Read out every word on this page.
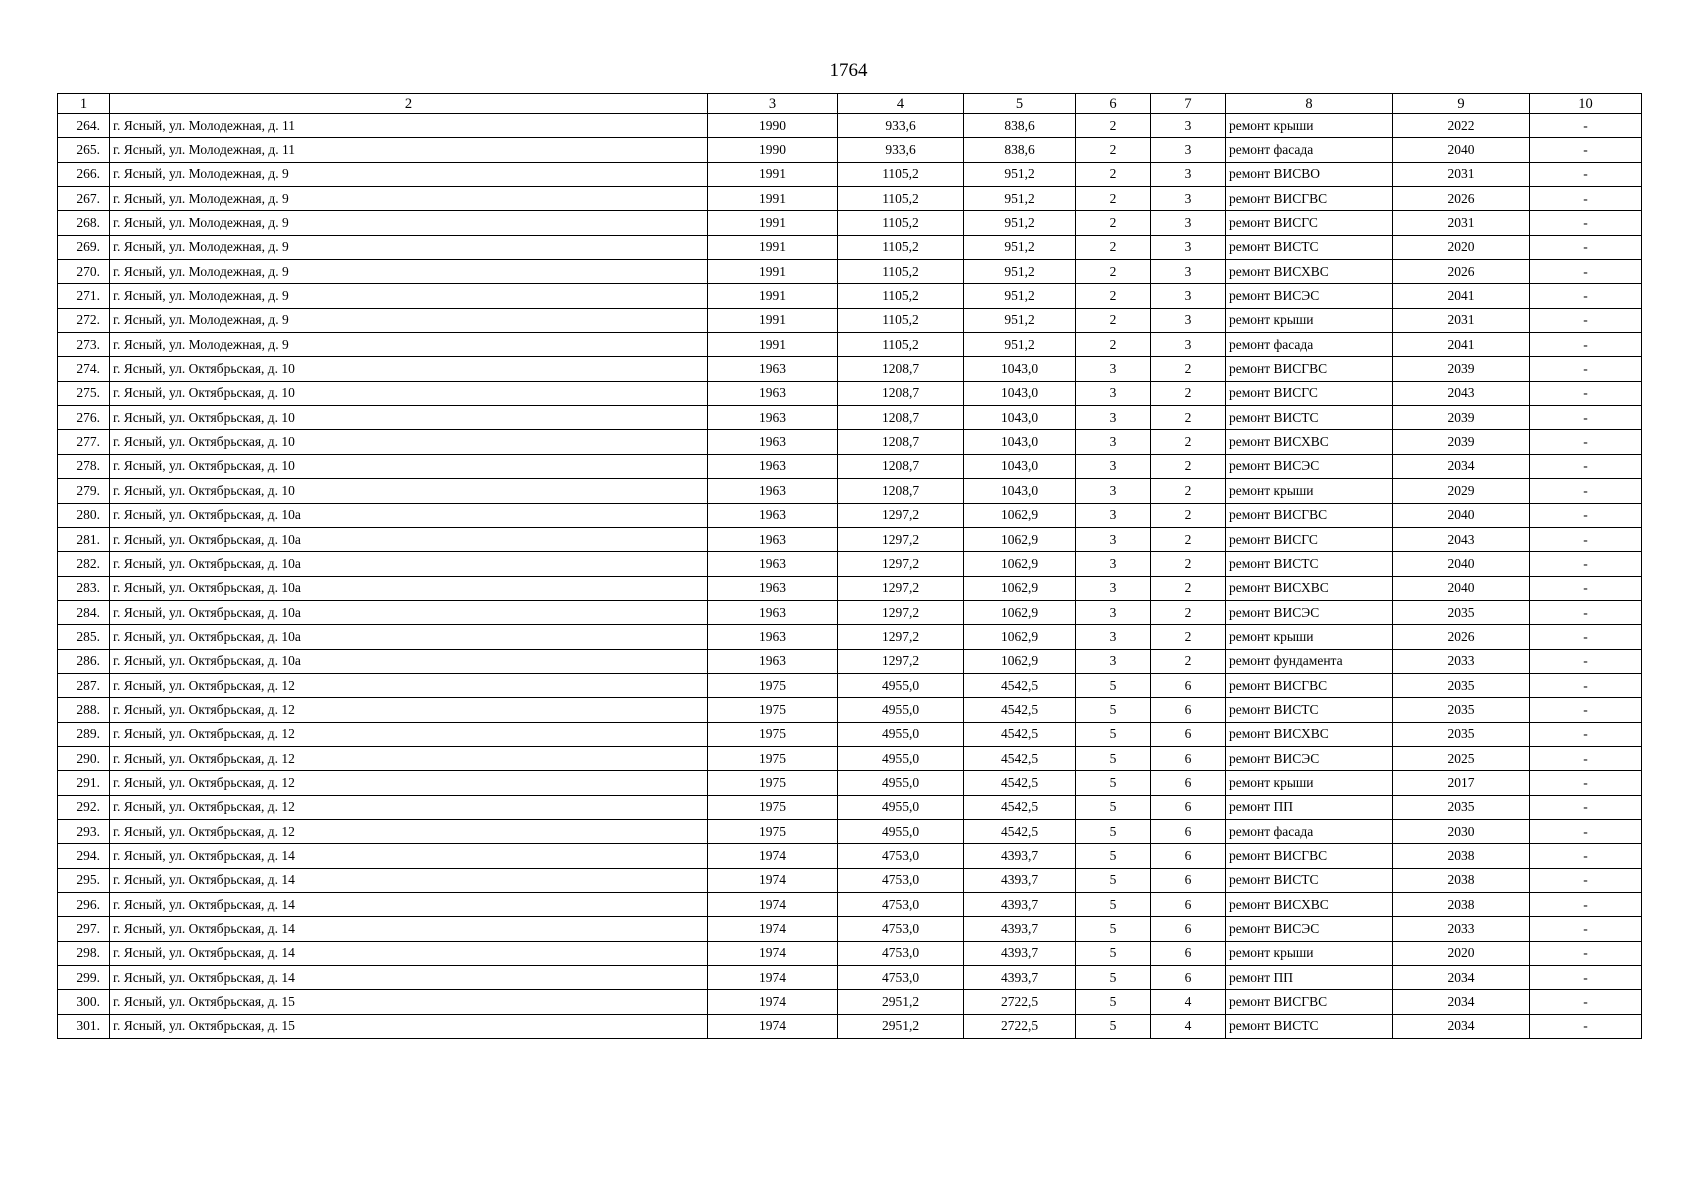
1764
1	2	3	4	5	6	7	8	9	10
264.	г. Ясный, ул. Молодежная, д. 11	1990	933,6	838,6	2	3	ремонт крыши	2022	-
265.	г. Ясный, ул. Молодежная, д. 11	1990	933,6	838,6	2	3	ремонт фасада	2040	-
266.	г. Ясный, ул. Молодежная, д. 9	1991	1105,2	951,2	2	3	ремонт ВИСВО	2031	-
267.	г. Ясный, ул. Молодежная, д. 9	1991	1105,2	951,2	2	3	ремонт ВИСГВС	2026	-
268.	г. Ясный, ул. Молодежная, д. 9	1991	1105,2	951,2	2	3	ремонт ВИСГС	2031	-
269.	г. Ясный, ул. Молодежная, д. 9	1991	1105,2	951,2	2	3	ремонт ВИСТС	2020	-
270.	г. Ясный, ул. Молодежная, д. 9	1991	1105,2	951,2	2	3	ремонт ВИСХВС	2026	-
271.	г. Ясный, ул. Молодежная, д. 9	1991	1105,2	951,2	2	3	ремонт ВИСЭС	2041	-
272.	г. Ясный, ул. Молодежная, д. 9	1991	1105,2	951,2	2	3	ремонт крыши	2031	-
273.	г. Ясный, ул. Молодежная, д. 9	1991	1105,2	951,2	2	3	ремонт фасада	2041	-
274.	г. Ясный, ул. Октябрьская, д. 10	1963	1208,7	1043,0	3	2	ремонт ВИСГВС	2039	-
275.	г. Ясный, ул. Октябрьская, д. 10	1963	1208,7	1043,0	3	2	ремонт ВИСГС	2043	-
276.	г. Ясный, ул. Октябрьская, д. 10	1963	1208,7	1043,0	3	2	ремонт ВИСТС	2039	-
277.	г. Ясный, ул. Октябрьская, д. 10	1963	1208,7	1043,0	3	2	ремонт ВИСХВС	2039	-
278.	г. Ясный, ул. Октябрьская, д. 10	1963	1208,7	1043,0	3	2	ремонт ВИСЭС	2034	-
279.	г. Ясный, ул. Октябрьская, д. 10	1963	1208,7	1043,0	3	2	ремонт крыши	2029	-
280.	г. Ясный, ул. Октябрьская, д. 10а	1963	1297,2	1062,9	3	2	ремонт ВИСГВС	2040	-
281.	г. Ясный, ул. Октябрьская, д. 10а	1963	1297,2	1062,9	3	2	ремонт ВИСГС	2043	-
282.	г. Ясный, ул. Октябрьская, д. 10а	1963	1297,2	1062,9	3	2	ремонт ВИСТС	2040	-
283.	г. Ясный, ул. Октябрьская, д. 10а	1963	1297,2	1062,9	3	2	ремонт ВИСХВС	2040	-
284.	г. Ясный, ул. Октябрьская, д. 10а	1963	1297,2	1062,9	3	2	ремонт ВИСЭС	2035	-
285.	г. Ясный, ул. Октябрьская, д. 10а	1963	1297,2	1062,9	3	2	ремонт крыши	2026	-
286.	г. Ясный, ул. Октябрьская, д. 10а	1963	1297,2	1062,9	3	2	ремонт фундамента	2033	-
287.	г. Ясный, ул. Октябрьская, д. 12	1975	4955,0	4542,5	5	6	ремонт ВИСГВС	2035	-
288.	г. Ясный, ул. Октябрьская, д. 12	1975	4955,0	4542,5	5	6	ремонт ВИСТС	2035	-
289.	г. Ясный, ул. Октябрьская, д. 12	1975	4955,0	4542,5	5	6	ремонт ВИСХВС	2035	-
290.	г. Ясный, ул. Октябрьская, д. 12	1975	4955,0	4542,5	5	6	ремонт ВИСЭС	2025	-
291.	г. Ясный, ул. Октябрьская, д. 12	1975	4955,0	4542,5	5	6	ремонт крыши	2017	-
292.	г. Ясный, ул. Октябрьская, д. 12	1975	4955,0	4542,5	5	6	ремонт ПП	2035	-
293.	г. Ясный, ул. Октябрьская, д. 12	1975	4955,0	4542,5	5	6	ремонт фасада	2030	-
294.	г. Ясный, ул. Октябрьская, д. 14	1974	4753,0	4393,7	5	6	ремонт ВИСГВС	2038	-
295.	г. Ясный, ул. Октябрьская, д. 14	1974	4753,0	4393,7	5	6	ремонт ВИСТС	2038	-
296.	г. Ясный, ул. Октябрьская, д. 14	1974	4753,0	4393,7	5	6	ремонт ВИСХВС	2038	-
297.	г. Ясный, ул. Октябрьская, д. 14	1974	4753,0	4393,7	5	6	ремонт ВИСЭС	2033	-
298.	г. Ясный, ул. Октябрьская, д. 14	1974	4753,0	4393,7	5	6	ремонт крыши	2020	-
299.	г. Ясный, ул. Октябрьская, д. 14	1974	4753,0	4393,7	5	6	ремонт ПП	2034	-
300.	г. Ясный, ул. Октябрьская, д. 15	1974	2951,2	2722,5	5	4	ремонт ВИСГВС	2034	-
301.	г. Ясный, ул. Октябрьская, д. 15	1974	2951,2	2722,5	5	4	ремонт ВИСТС	2034	-
